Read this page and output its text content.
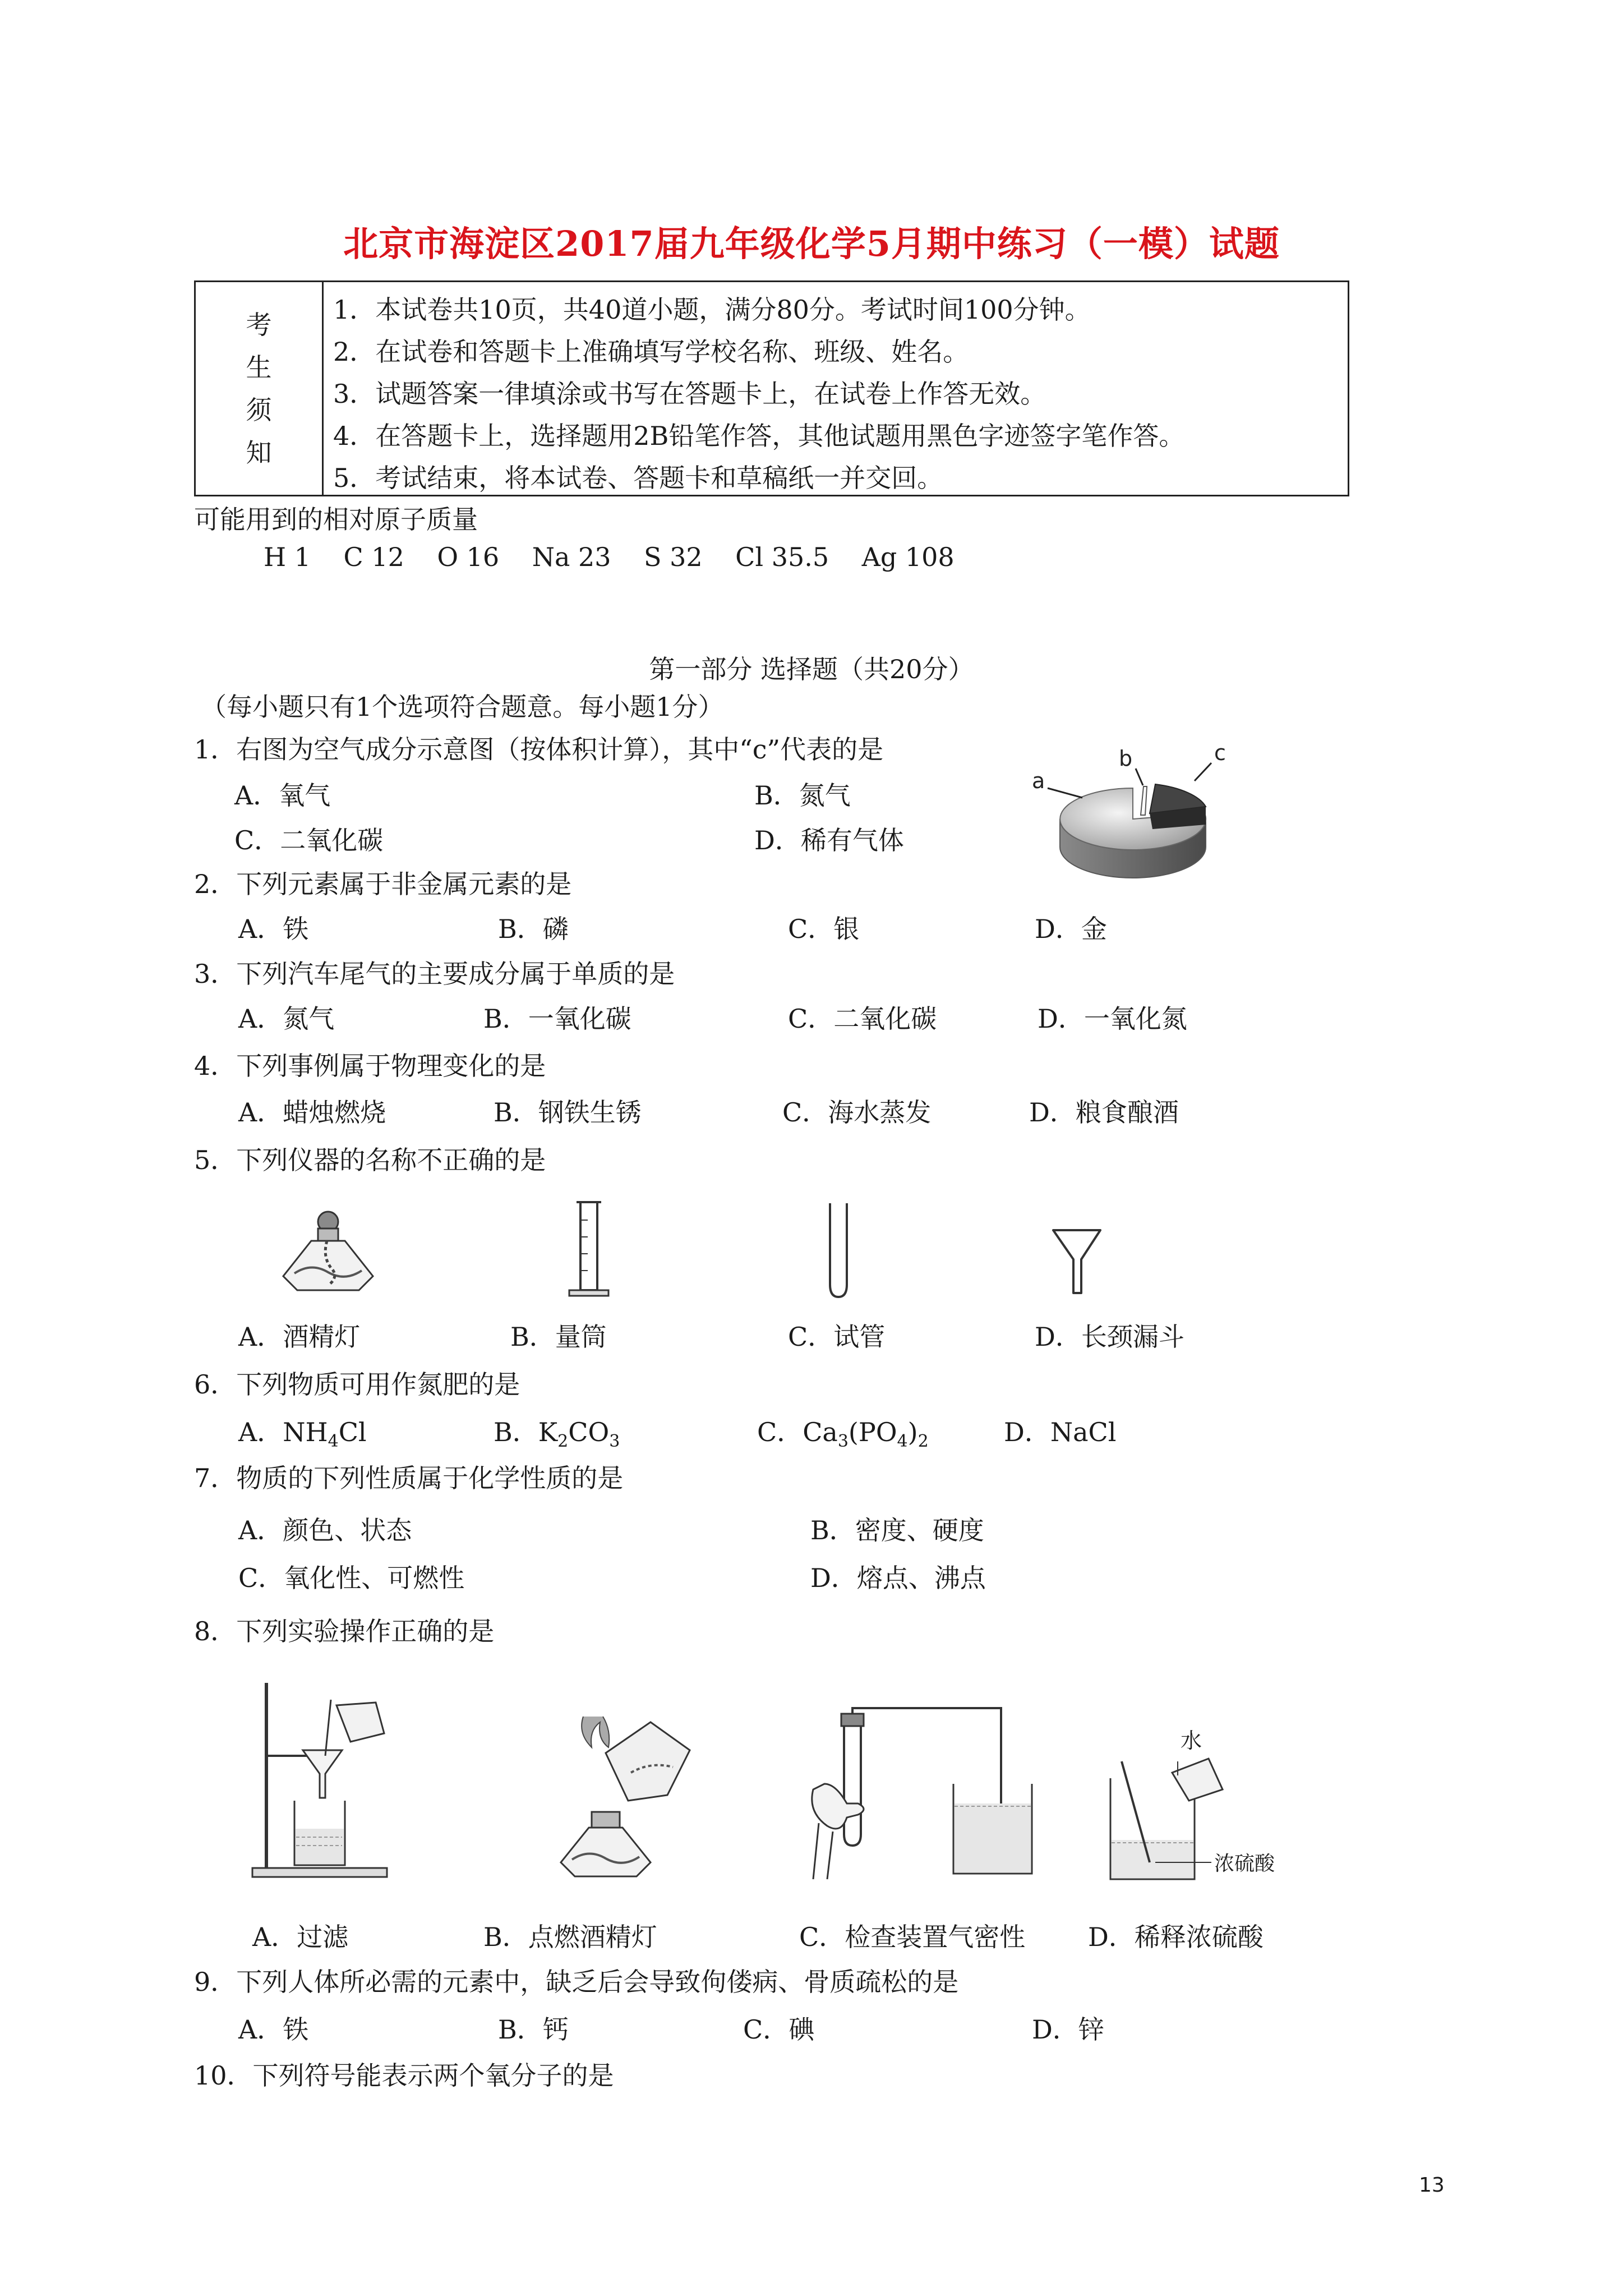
北京市海淀区2017届九年级化学5月期中练习（一模）试题
考
生
须
知
1．本试卷共10页，共40道小题，满分80分。考试时间100分钟。
2．在试卷和答题卡上准确填写学校名称、班级、姓名。
3．试题答案一律填涂或书写在答题卡上，在试卷上作答无效。
4．在答题卡上，选择题用2B铅笔作答，其他试题用黑色字迹签字笔作答。
5．考试结束，将本试卷、答题卡和草稿纸一并交回。
可能用到的相对原子质量
H 1    C 12    O 16    Na 23    S 32    Cl 35.5    Ag 108
第一部分 选择题（共20分）
（每小题只有1个选项符合题意。每小题1分）
1．右图为空气成分示意图（按体积计算），其中“c”代表的是
A．氧气	B．氮气
C．二氧化碳	D．稀有气体
a
b	c
2．下列元素属于非金属元素的是
A．铁	B．磷	C．银	D．金
3．下列汽车尾气的主要成分属于单质的是
A．氮气	B．一氧化碳	C．二氧化碳	D．一氧化氮
4．下列事例属于物理变化的是
A．蜡烛燃烧	B．钢铁生锈	C．海水蒸发	D．粮食酿酒
5．下列仪器的名称不正确的是
A．酒精灯	B．量筒	C．试管	D．长颈漏斗
6．下列物质可用作氮肥的是
A．$NH_4Cl$	B．$K_2CO_3$	C．$Ca_3(PO_4)_2$	D．NaCl
7．物质的下列性质属于化学性质的是
A．颜色、状态	B．密度、硬度
C．氧化性、可燃性	D．熔点、沸点
8．下列实验操作正确的是
水
浓硫酸
A．过滤	B．点燃酒精灯	C．检查装置气密性 D．稀释浓硫酸
9．下列人体所必需的元素中，缺乏后会导致佝偻病、骨质疏松的是
A．铁	B．钙	C．碘	D．锌
10．下列符号能表示两个氧分子的是
13
